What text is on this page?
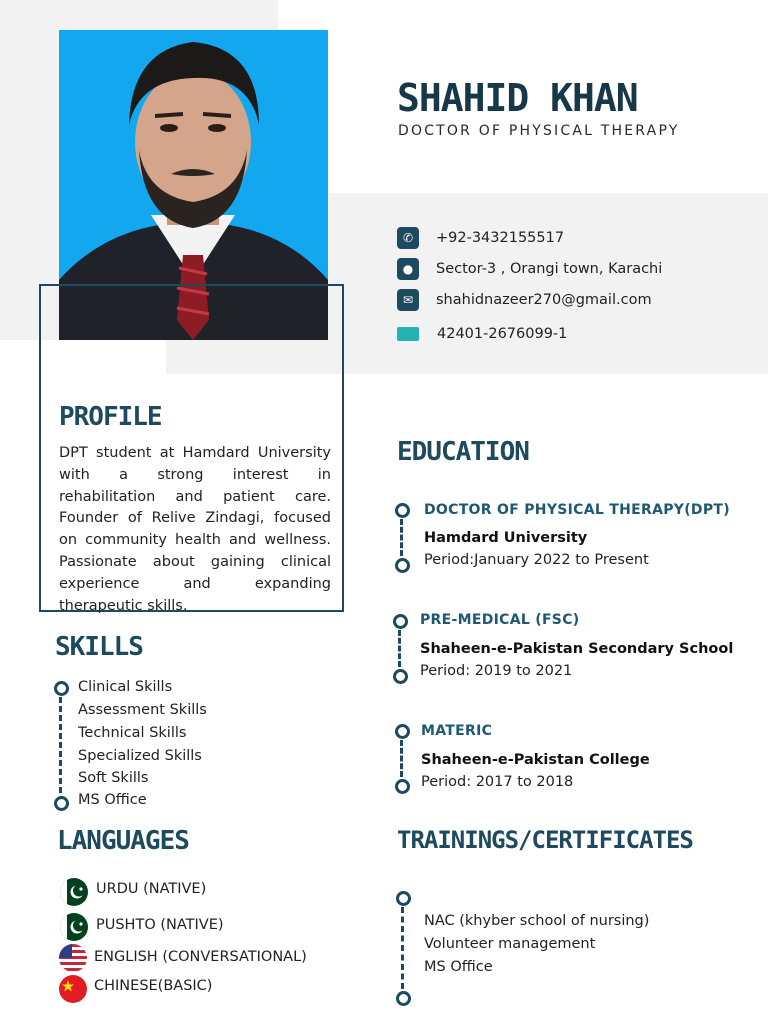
SHAHID KHAN
DOCTOR OF PHYSICAL THERAPY
✆	+92-3432155517
●	Sector-3 , Orangi town, Karachi
✉	shahidnazeer270@gmail.com
42401-2676099-1
PROFILE
DPT student at Hamdard University with a strong interest in rehabilitation and patient care. Founder of Relive Zindagi, focused on community health and wellness. Passionate about gaining clinical experience and expanding therapeutic skills.
SKILLS
Clinical Skills
Assessment Skills
Technical Skills
Specialized Skills
Soft Skills
MS Office
LANGUAGES
URDU (NATIVE)
PUSHTO (NATIVE)
ENGLISH (CONVERSATIONAL)
CHINESE(BASIC)
EDUCATION
DOCTOR OF PHYSICAL THERAPY(DPT)
Hamdard University
Period:January 2022 to Present
PRE-MEDICAL (FSC)
Shaheen-e-Pakistan Secondary School
Period: 2019 to 2021
MATERIC
Shaheen-e-Pakistan College
Period: 2017 to 2018
TRAININGS/CERTIFICATES
NAC (khyber school of nursing)
Volunteer management
MS Office
